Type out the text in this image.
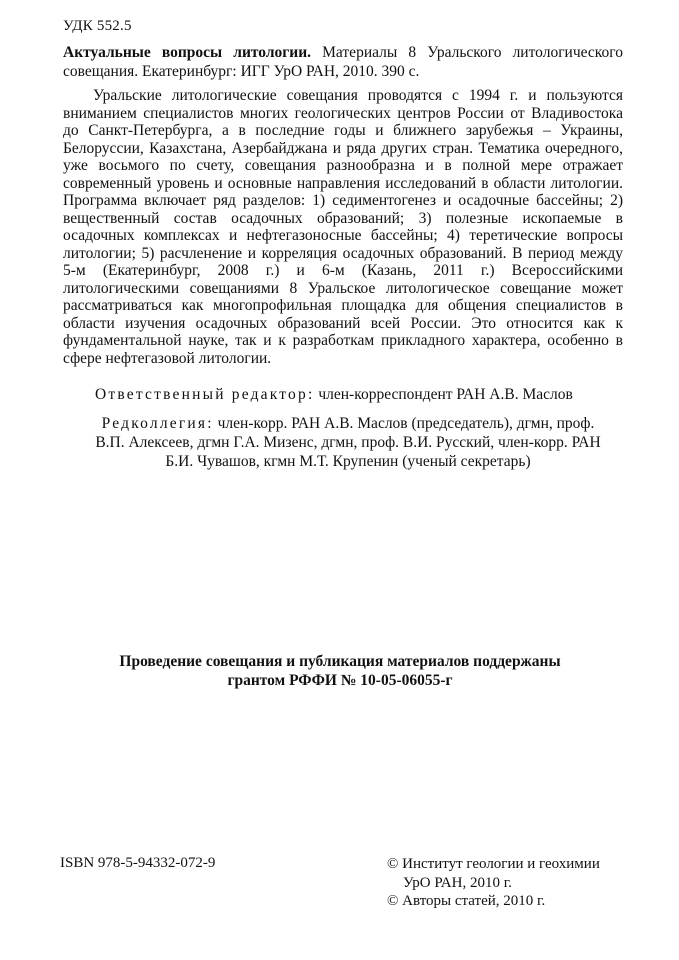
УДК 552.5
Актуальные вопросы литологии. Материалы 8 Уральского литологического совещания. Екатеринбург: ИГГ УрО РАН, 2010. 390 с.

Уральские литологические совещания проводятся с 1994 г. и пользуются вниманием специалистов многих геологических центров России от Владивостока до Санкт-Петербурга, а в последние годы и ближнего зарубежья – Украины, Белоруссии, Казахстана, Азербайджана и ряда других стран. Тематика очередного, уже восьмого по счету, совещания разнообразна и в полной мере отражает современный уровень и основные направления исследований в области литологии. Программа включает ряд разделов: 1) седиментогенез и осадочные бассейны; 2) вещественный состав осадочных образований; 3) полезные ископаемые в осадочных комплексах и нефтегазоносные бассейны; 4) теретические вопросы литологии; 5) расчленение и корреляция осадочных образований. В период между 5-м (Екатеринбург, 2008 г.) и 6-м (Казань, 2011 г.) Всероссийскими литологическими совещаниями 8 Уральское литологическое совещание может рассматриваться как многопрофильная площадка для общения специалистов в области изучения осадочных образований всей России. Это относится как к фундаментальной науке, так и к разработкам прикладного характера, особенно в сфере нефтегазовой литологии.

Ответственный редактор: член-корреспондент РАН А.В. Маслов
Редколлегия: член-корр. РАН А.В. Маслов (председатель), дгмн, проф. В.П. Алексеев, дгмн Г.А. Мизенс, дгмн, проф. В.И. Русский, член-корр. РАН Б.И. Чувашов, кгмн М.Т. Крупенин (ученый секретарь)
Проведение совещания и публикация материалов поддержаны
грантом РФФИ № 10-05-06055-г
ISBN 978-5-94332-072-9	© Институт геологии и геохимии
УрО РАН, 2010 г.
© Авторы статей, 2010 г.
